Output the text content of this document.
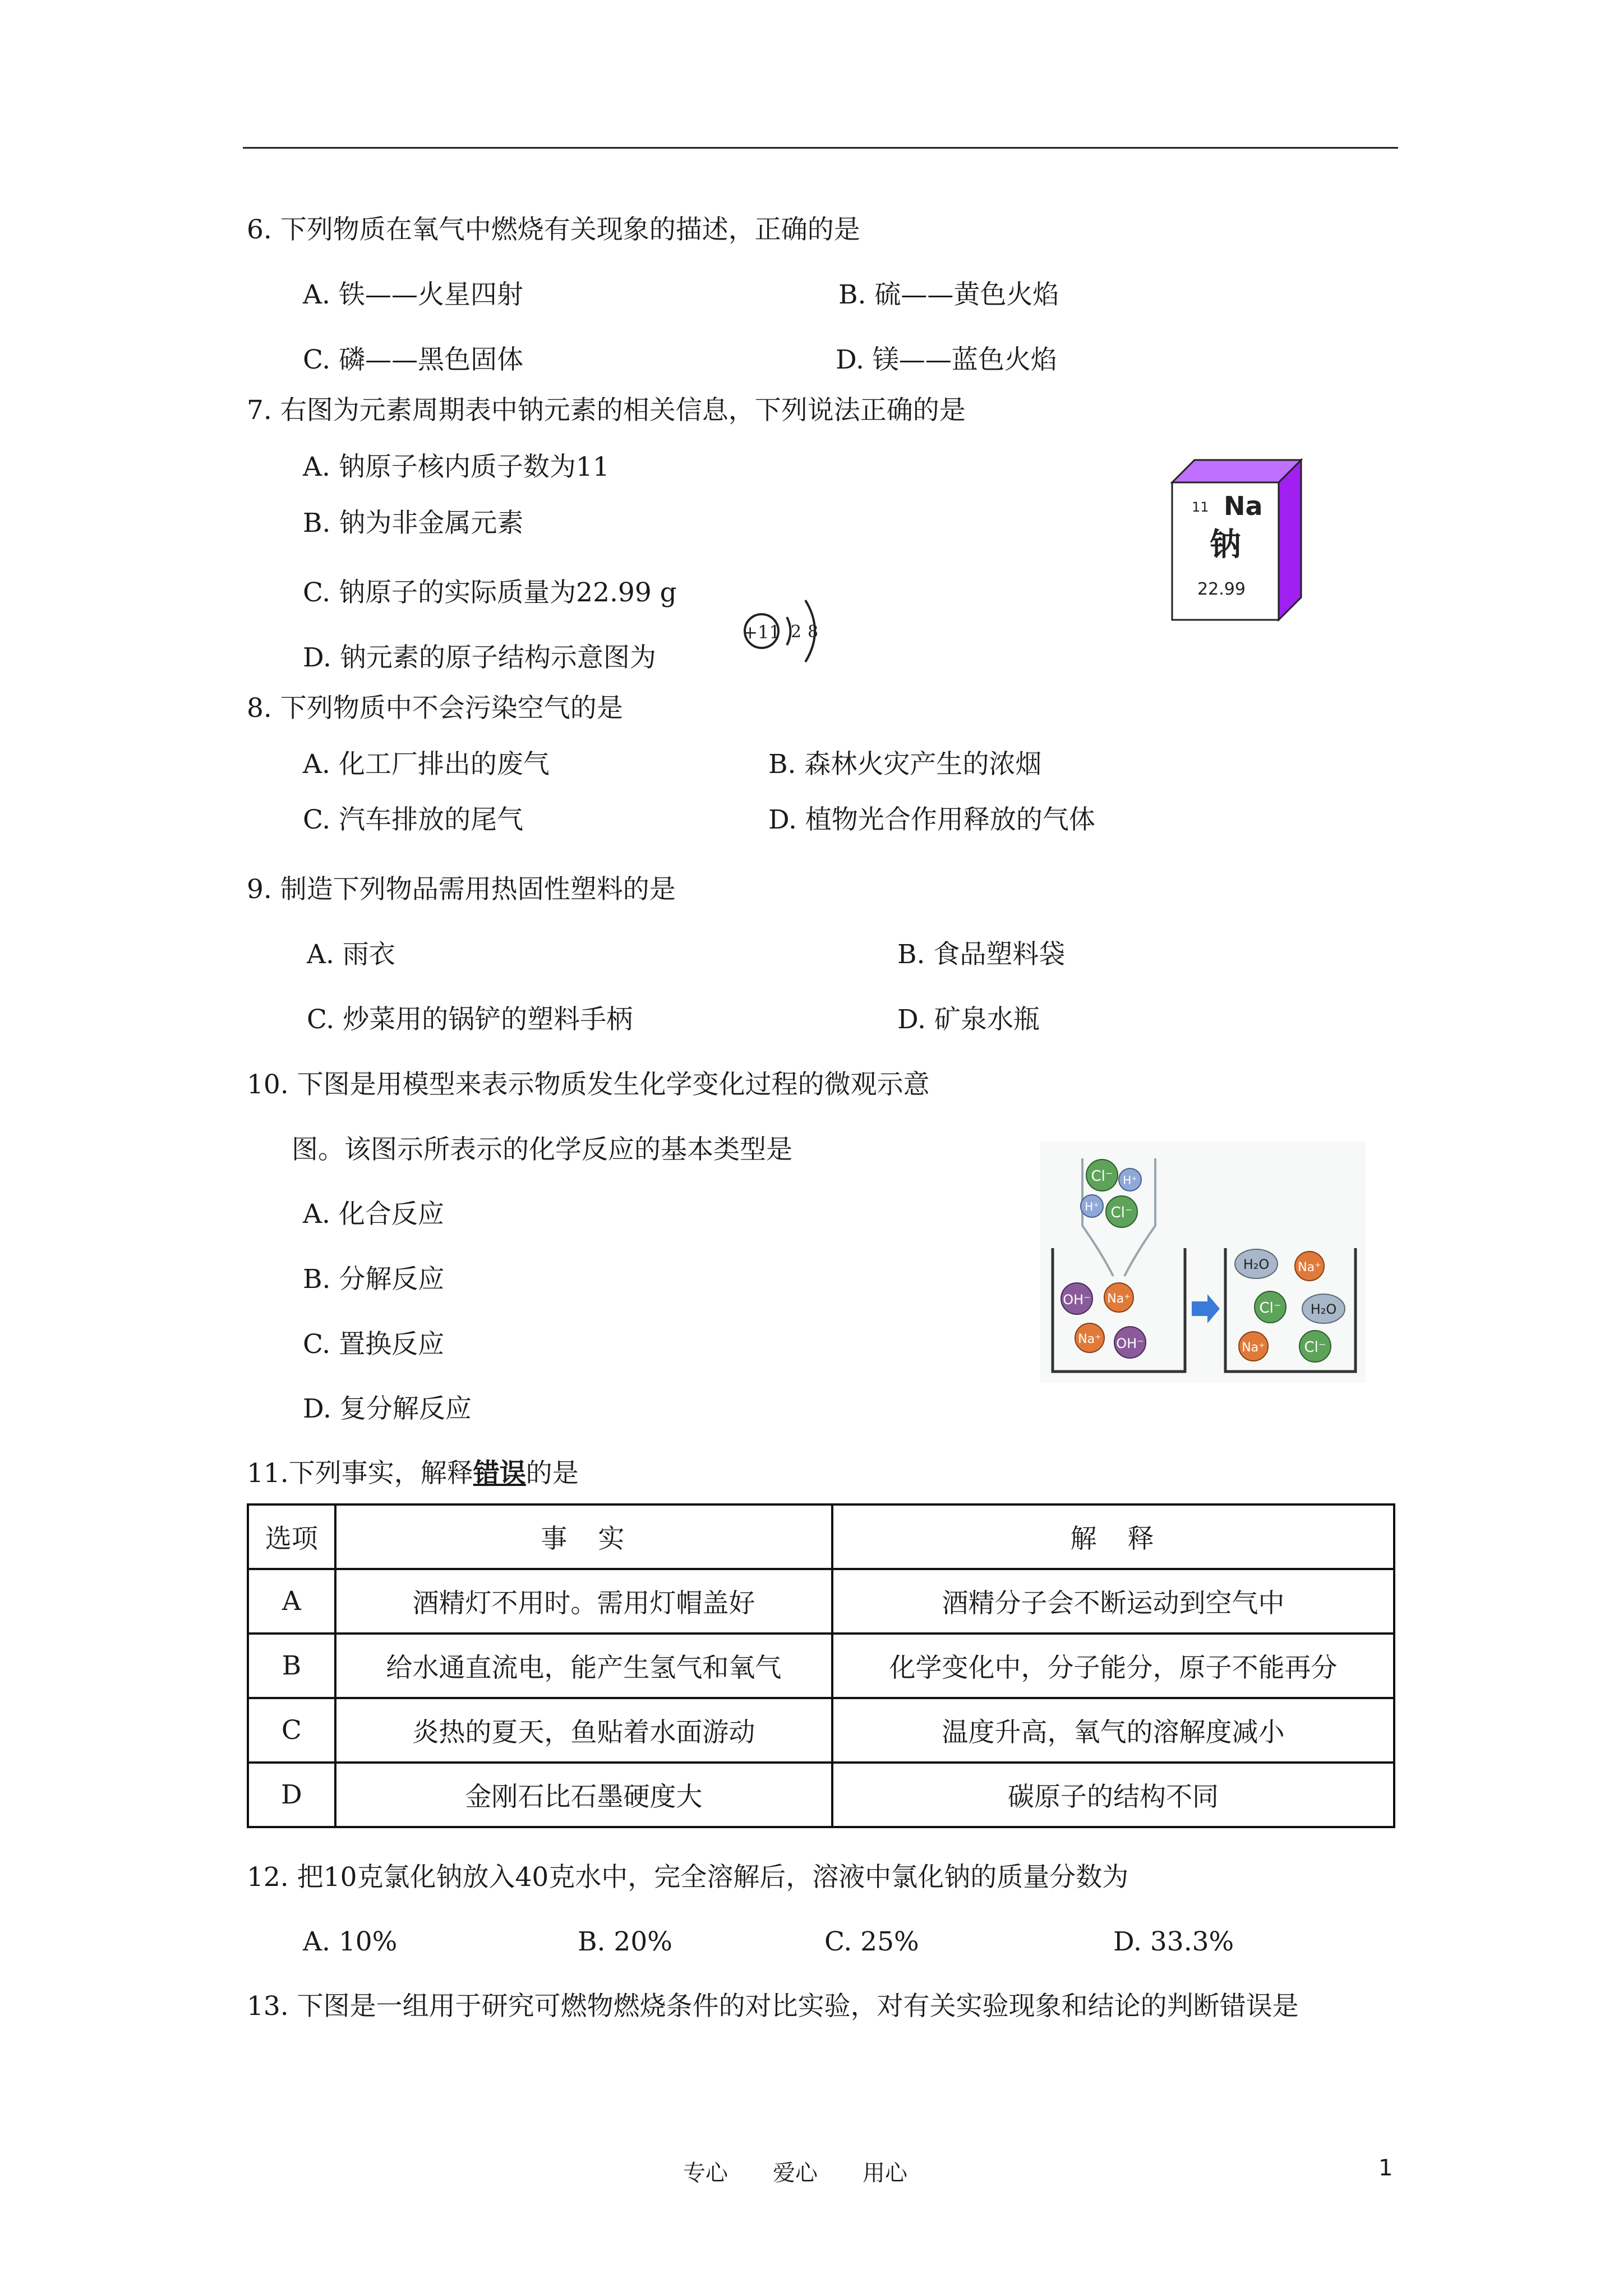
6. 下列物质在氧气中燃烧有关现象的描述，正确的是
A. 铁——火星四射	B. 硫——黄色火焰
C. 磷——黑色固体	D. 镁——蓝色火焰
7. 右图为元素周期表中钠元素的相关信息，下列说法正确的是
A. 钠原子核内质子数为11
B. 钠为非金属元素
C. 钠原子的实际质量为22.99 g
D. 钠元素的原子结构示意图为
+11 2 8
11 Na
钠
22.99
8. 下列物质中不会污染空气的是
A. 化工厂排出的废气	B. 森林火灾产生的浓烟
C. 汽车排放的尾气	D. 植物光合作用释放的气体
9. 制造下列物品需用热固性塑料的是
A. 雨衣	B. 食品塑料袋
C. 炒菜用的锅铲的塑料手柄	D. 矿泉水瓶
10. 下图是用模型来表示物质发生化学变化过程的微观示意
图。该图示所表示的化学反应的基本类型是
A. 化合反应
B. 分解反应
C. 置换反应
D. 复分解反应
Cl⁻ H⁺
H⁺ Cl⁻
OH⁻ Na⁺
Na⁺ OH⁻
H₂O Na⁺
Cl⁻ H₂O
Na⁺	Cl⁻
11.下列事实，解释错误的是
选项	事　实	解　释
A	酒精灯不用时。需用灯帽盖好	酒精分子会不断运动到空气中
B	给水通直流电，能产生氢气和氧气	化学变化中，分子能分，原子不能再分
C	炎热的夏天，鱼贴着水面游动	温度升高，氧气的溶解度减小
D	金刚石比石墨硬度大	碳原子的结构不同
12. 把10克氯化钠放入40克水中，完全溶解后，溶液中氯化钠的质量分数为
A. 10%	B. 20%	C. 25%	D. 33.3%
13. 下图是一组用于研究可燃物燃烧条件的对比实验，对有关实验现象和结论的判断错误是
专心　　爱心　　用心	1
